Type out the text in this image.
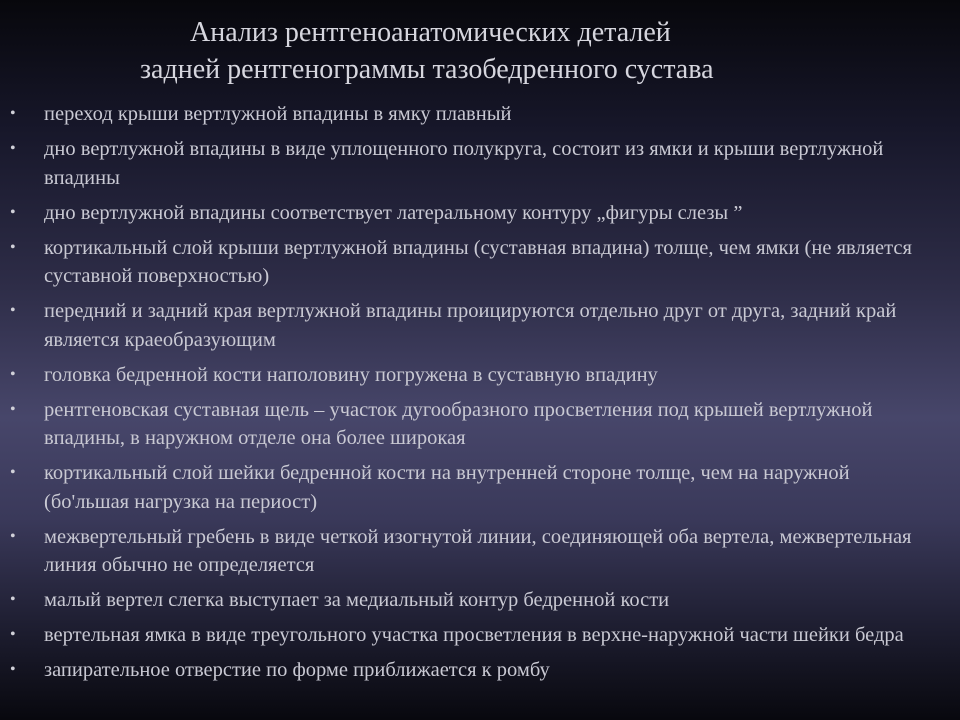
Анализ рентгеноанатомических деталей
задней рентгенограммы тазобедренного сустава
• переход крыши вертлужной впадины в ямку плавный
• дно вертлужной впадины в виде уплощенного полукруга, состоит из ямки и крыши вертлужной впадины
• дно вертлужной впадины соответствует латеральному контуру „фигуры слезы ”
• кортикальный слой крыши вертлужной впадины (суставная впадина) толще, чем ямки (не является суставной поверхностью)
• передний и задний края вертлужной впадины проицируются отдельно друг от друга, задний край является краеобразующим
• головка бедренной кости наполовину погружена в суставную впадину
• рентгеновская суставная щель – участок дугообразного просветления под крышей вертлужной впадины, в наружном отделе она более широкая
• кортикальный слой шейки бедренной кости на внутренней стороне толще, чем на наружной (бo'льшая нагрузка на периост)
• межвертельный гребень в виде четкой изогнутой линии, соединяющей оба вертела, межвертельная линия обычно не определяется
• малый вертел слегка выступает за медиальный контур бедренной кости
• вертельная ямка в виде треугольного участка просветления в верхне-наружной части шейки бедра
• запирательное отверстие по форме приближается к ромбу
